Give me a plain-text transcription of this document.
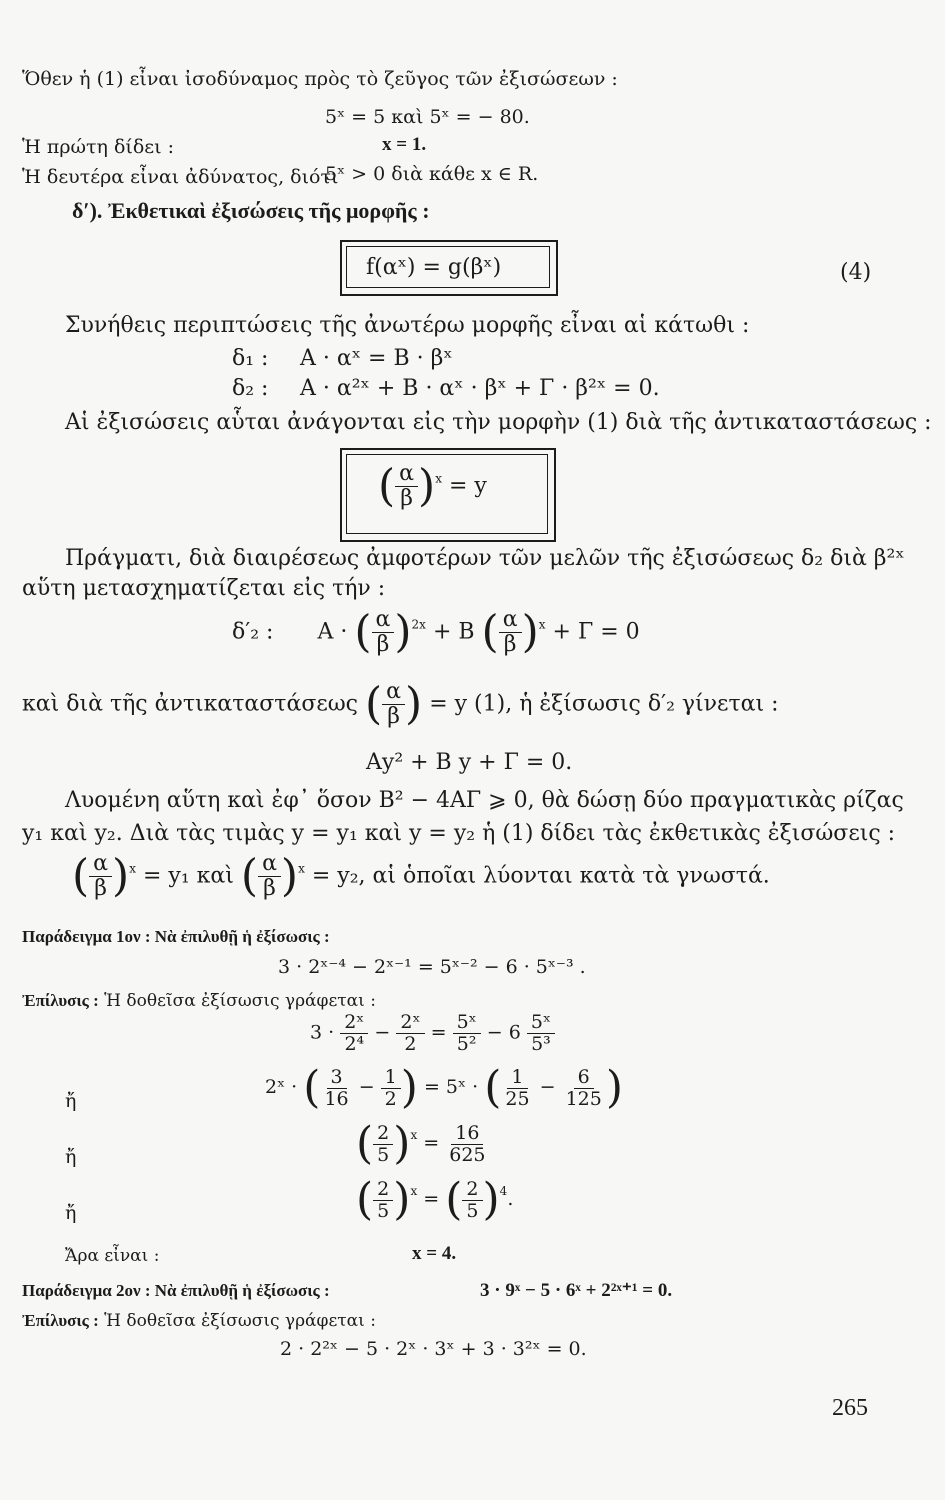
Ὅθεν ἡ (1) εἶναι ἰσοδύναμος πρὸς τὸ ζεῦγος τῶν ἐξισώσεων :
5ˣ = 5 καὶ 5ˣ = − 80.
Ἡ πρώτη δίδει :	x = 1.
Ἡ δευτέρα εἶναι ἀδύνατος, διότι
5ˣ > 0 διὰ κάθε x ∈ R.
δʹ). Ἐκθετικαὶ ἐξισώσεις τῆς μορφῆς :
f(αˣ) = g(βˣ)	(4)
Συνήθεις περιπτώσεις τῆς ἀνωτέρω μορφῆς εἶναι αἱ κάτωθι :
δ₁ : Α · αˣ = Β · βˣ
δ₂ : Α · α²ˣ + Β · αˣ · βˣ + Γ · β²ˣ = 0.
Αἱ ἐξισώσεις αὗται ἀνάγονται εἰς τὴν μορφὴν (1) διὰ τῆς ἀντικαταστάσεως :
( $\frac{\alpha}{\beta} )^x = y$
Πράγματι, διὰ διαιρέσεως ἀμφοτέρων τῶν μελῶν τῆς ἐξισώσεως δ₂ διὰ β²ˣ
αὕτη μετασχηματίζεται εἰς τήν :
δ′₂ : Α · ( $\frac{\alpha}{\beta} )^{2x} + B$ ( $\frac{\alpha}{\beta} )^x + \Gamma = 0$
καὶ διὰ τῆς ἀντικαταστάσεως ( $\frac{\alpha}{\beta}$ ) = y (1), ἡ ἐξίσωσις δ′₂ γίνεται :
Αy² + Β y + Γ = 0.
Λυομένη αὕτη καὶ ἐφ᾽ ὅσον Β² − 4ΑΓ ⩾ 0, θὰ δώσῃ δύο πραγματικὰς ρίζας
y₁ καὶ y₂. Διὰ τὰς τιμὰς y = y₁ καὶ y = y₂ ἡ (1) δίδει τὰς ἐκθετικὰς ἐξισώσεις :
( $\frac{\alpha}{\beta} )^x = y_1$ καὶ ( $\frac{\alpha}{\beta} )^x = y_2$, αἱ ὁποῖαι λύονται κατὰ τὰ γνωστά.
Παράδειγμα 1ον : Νὰ ἐπιλυθῇ ἡ ἐξίσωσις :
3 · 2ˣ⁻⁴ − 2ˣ⁻¹ = 5ˣ⁻² − 6 · 5ˣ⁻³ .
Ἐπίλυσις : Ἡ δοθεῖσα ἐξίσωσις γράφεται :
$3 \cdot \frac{\text{2ˣ}}{\text{2⁴}} - \frac{\text{2ˣ}}{2} = \frac{\text{5ˣ}}{\text{5²}} - 6 \frac{\text{5ˣ}}{\text{5³}}$
ἤ
2ˣ · ( $\frac{3}{16} - \frac{1}{2}$ ) = 5ˣ · ( $\frac{1}{25} - \frac{6}{125}$ )
ἤ	( $\frac{2}{5} )^x = \frac{16}{625}$
ἤ	( $\frac{2}{5} )^x$ = ( $\frac{2}{5} )^4$.
Ἄρα εἶναι :	x = 4.
Παράδειγμα 2ον : Νὰ ἐπιλυθῇ ἡ ἐξίσωσις :	3 · 9ˣ − 5 · 6ˣ + 2²ˣ⁺¹ = 0.
Ἐπίλυσις : Ἡ δοθεῖσα ἐξίσωσις γράφεται :
2 · 2²ˣ − 5 · 2ˣ · 3ˣ + 3 · 3²ˣ = 0.
265
